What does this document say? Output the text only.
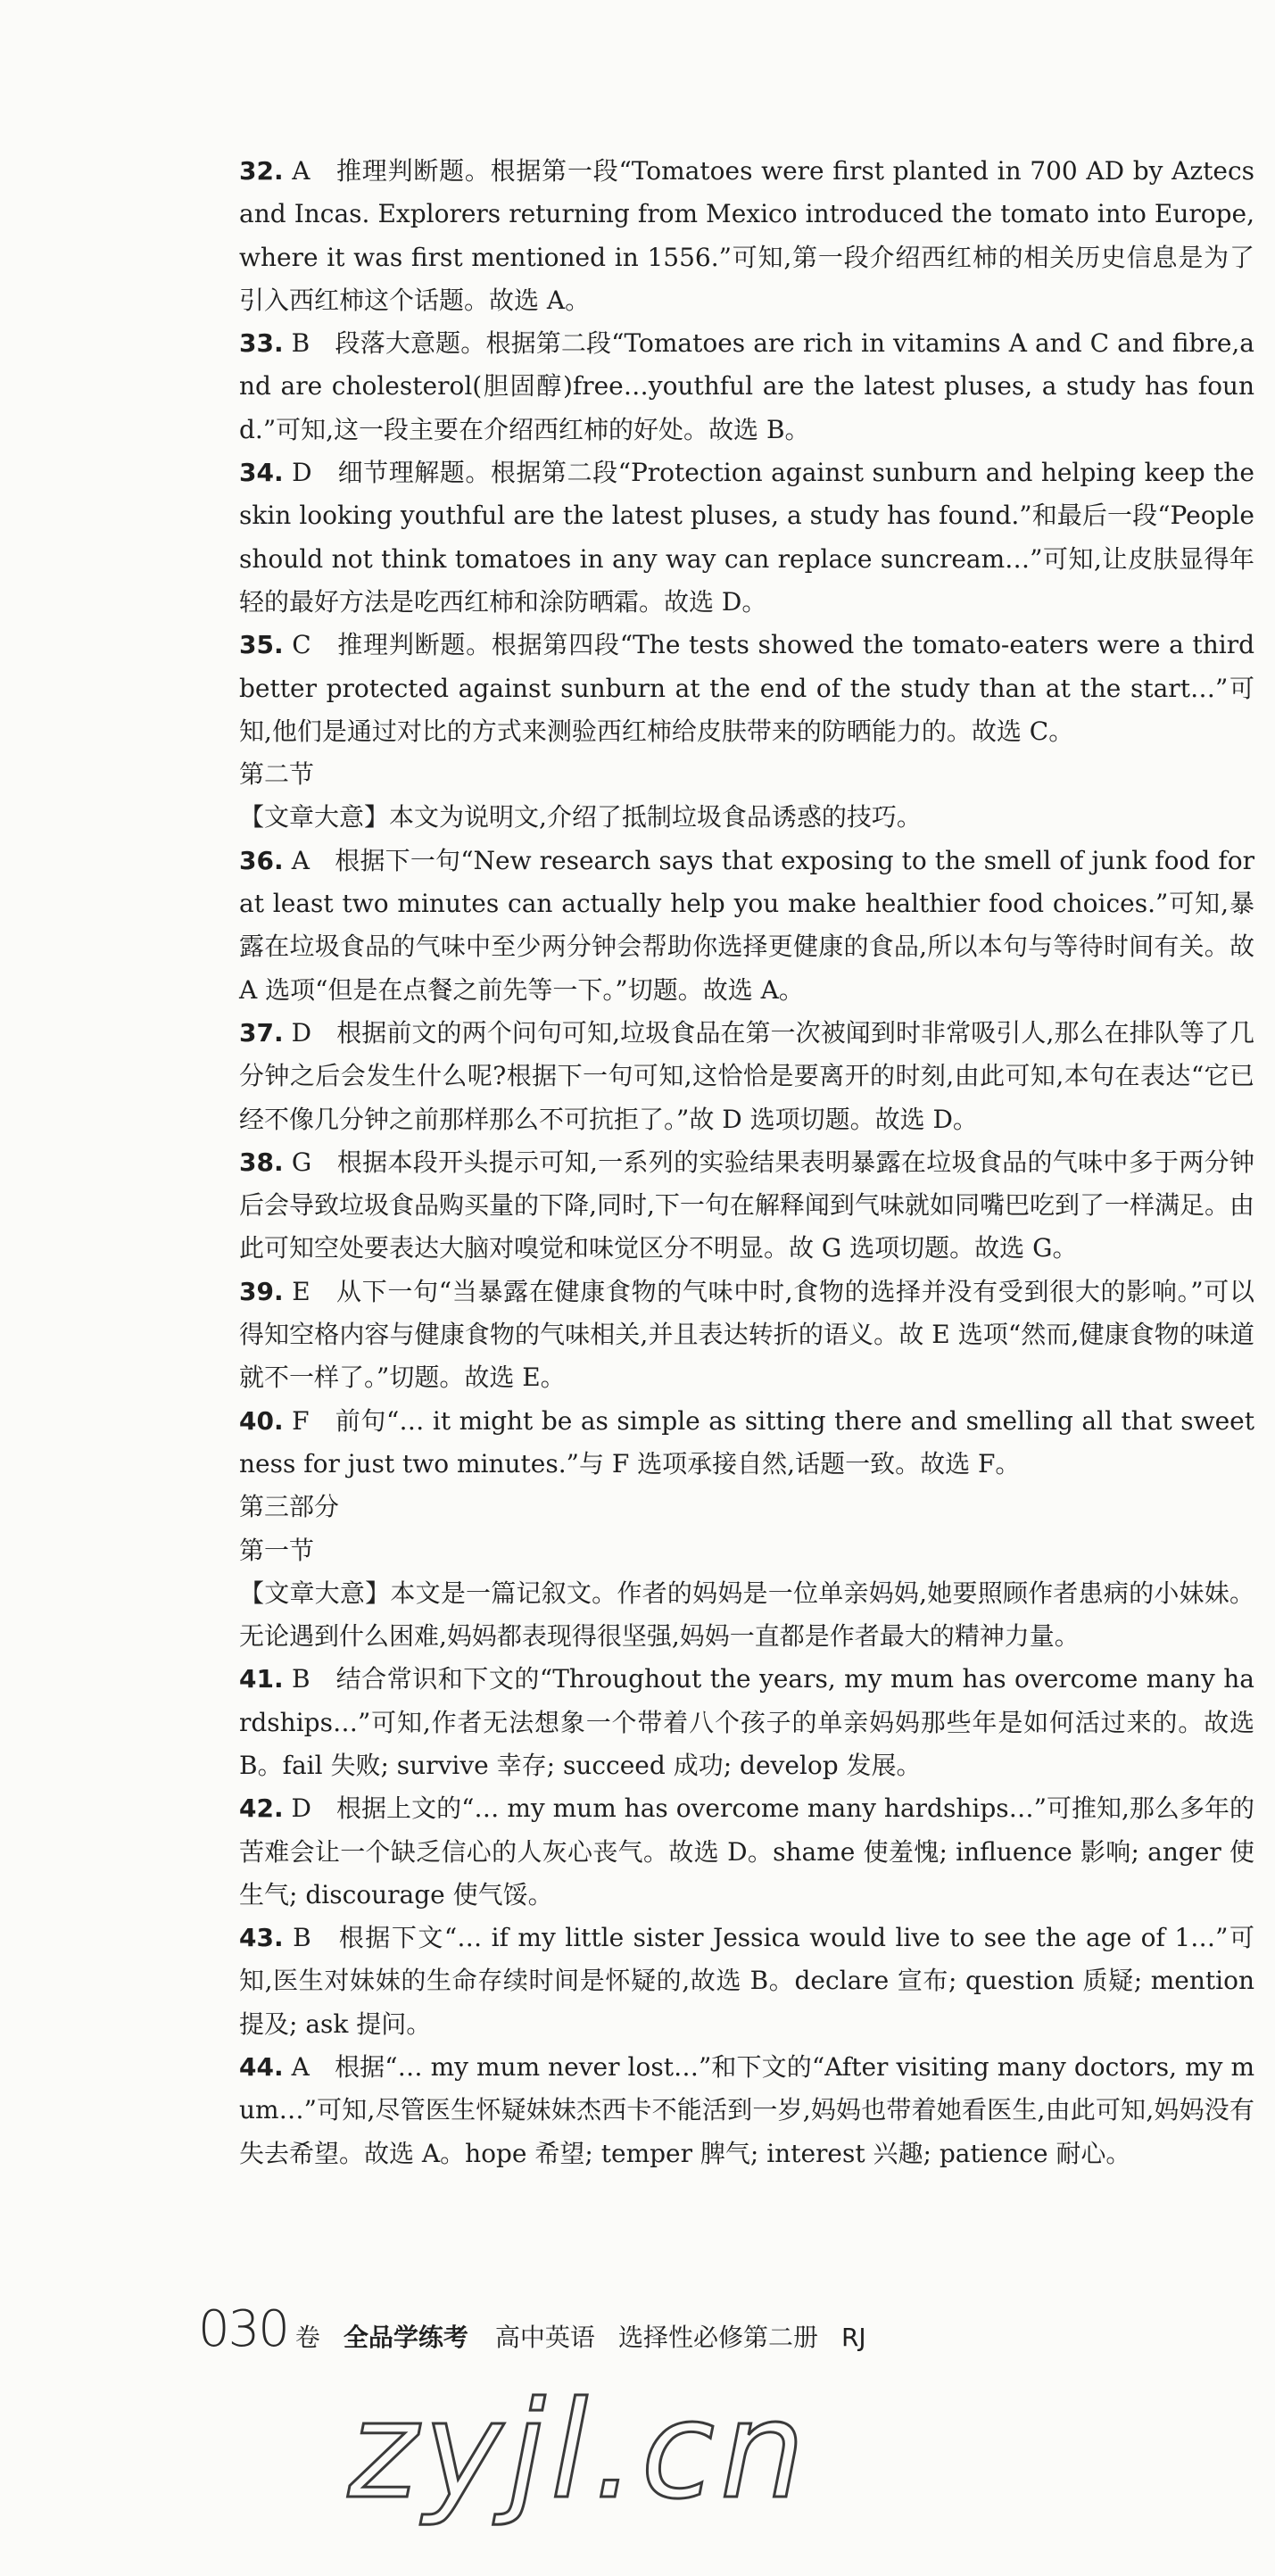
32. A　推理判断题。根据第一段“Tomatoes were first planted in 700 AD by Aztecs and Incas. Explorers returning from Mexico introduced the tomato into Europe, where it was first mentioned in 1556.”可知,第一段介绍西红柿的相关历史信息是为了引入西红柿这个话题。故选 A。

33. B　段落大意题。根据第二段“Tomatoes are rich in vitamins A and C and fibre,and are cholesterol(胆固醇)free…youthful are the latest pluses, a study has found.”可知,这一段主要在介绍西红柿的好处。故选 B。

34. D　细节理解题。根据第二段“Protection against sunburn and helping keep the skin looking youthful are the latest pluses, a study has found.”和最后一段“People should not think tomatoes in any way can replace suncream…”可知,让皮肤显得年轻的最好方法是吃西红柿和涂防晒霜。故选 D。

35. C　推理判断题。根据第四段“The tests showed the tomato-eaters were a third better protected against sunburn at the end of the study than at the start…”可知,他们是通过对比的方式来测验西红柿给皮肤带来的防晒能力的。故选 C。

第二节

【文章大意】本文为说明文,介绍了抵制垃圾食品诱惑的技巧。

36. A　根据下一句“New research says that exposing to the smell of junk food for at least two minutes can actually help you make healthier food choices.”可知,暴露在垃圾食品的气味中至少两分钟会帮助你选择更健康的食品,所以本句与等待时间有关。故 A 选项“但是在点餐之前先等一下。”切题。故选 A。

37. D　根据前文的两个问句可知,垃圾食品在第一次被闻到时非常吸引人,那么在排队等了几分钟之后会发生什么呢?根据下一句可知,这恰恰是要离开的时刻,由此可知,本句在表达“它已经不像几分钟之前那样那么不可抗拒了。”故 D 选项切题。故选 D。

38. G　根据本段开头提示可知,一系列的实验结果表明暴露在垃圾食品的气味中多于两分钟后会导致垃圾食品购买量的下降,同时,下一句在解释闻到气味就如同嘴巴吃到了一样满足。由此可知空处要表达大脑对嗅觉和味觉区分不明显。故 G 选项切题。故选 G。

39. E　从下一句“当暴露在健康食物的气味中时,食物的选择并没有受到很大的影响。”可以得知空格内容与健康食物的气味相关,并且表达转折的语义。故 E 选项“然而,健康食物的味道就不一样了。”切题。故选 E。

40. F　前句“… it might be as simple as sitting there and smelling all that sweetness for just two minutes.”与 F 选项承接自然,话题一致。故选 F。

第三部分

第一节

【文章大意】本文是一篇记叙文。作者的妈妈是一位单亲妈妈,她要照顾作者患病的小妹妹。无论遇到什么困难,妈妈都表现得很坚强,妈妈一直都是作者最大的精神力量。

41. B　结合常识和下文的“Throughout the years, my mum has overcome many hardships…”可知,作者无法想象一个带着八个孩子的单亲妈妈那些年是如何活过来的。故选 B。fail 失败; survive 幸存; succeed 成功; develop 发展。

42. D　根据上文的“… my mum has overcome many hardships…”可推知,那么多年的苦难会让一个缺乏信心的人灰心丧气。故选 D。shame 使羞愧; influence 影响; anger 使生气; discourage 使气馁。

43. B　根据下文“… if my little sister Jessica would live to see the age of 1…”可知,医生对妹妹的生命存续时间是怀疑的,故选 B。declare 宣布; question 质疑; mention 提及; ask 提问。

44. A　根据“… my mum never lost…”和下文的“After visiting many doctors, my mum…”可知,尽管医生怀疑妹妹杰西卡不能活到一岁,妈妈也带着她看医生,由此可知,妈妈没有失去希望。故选 A。hope 希望; temper 脾气; interest 兴趣; patience 耐心。

030 卷 全品学练考 高中英语 选择性必修第二册 RJ
zyjl.cn
